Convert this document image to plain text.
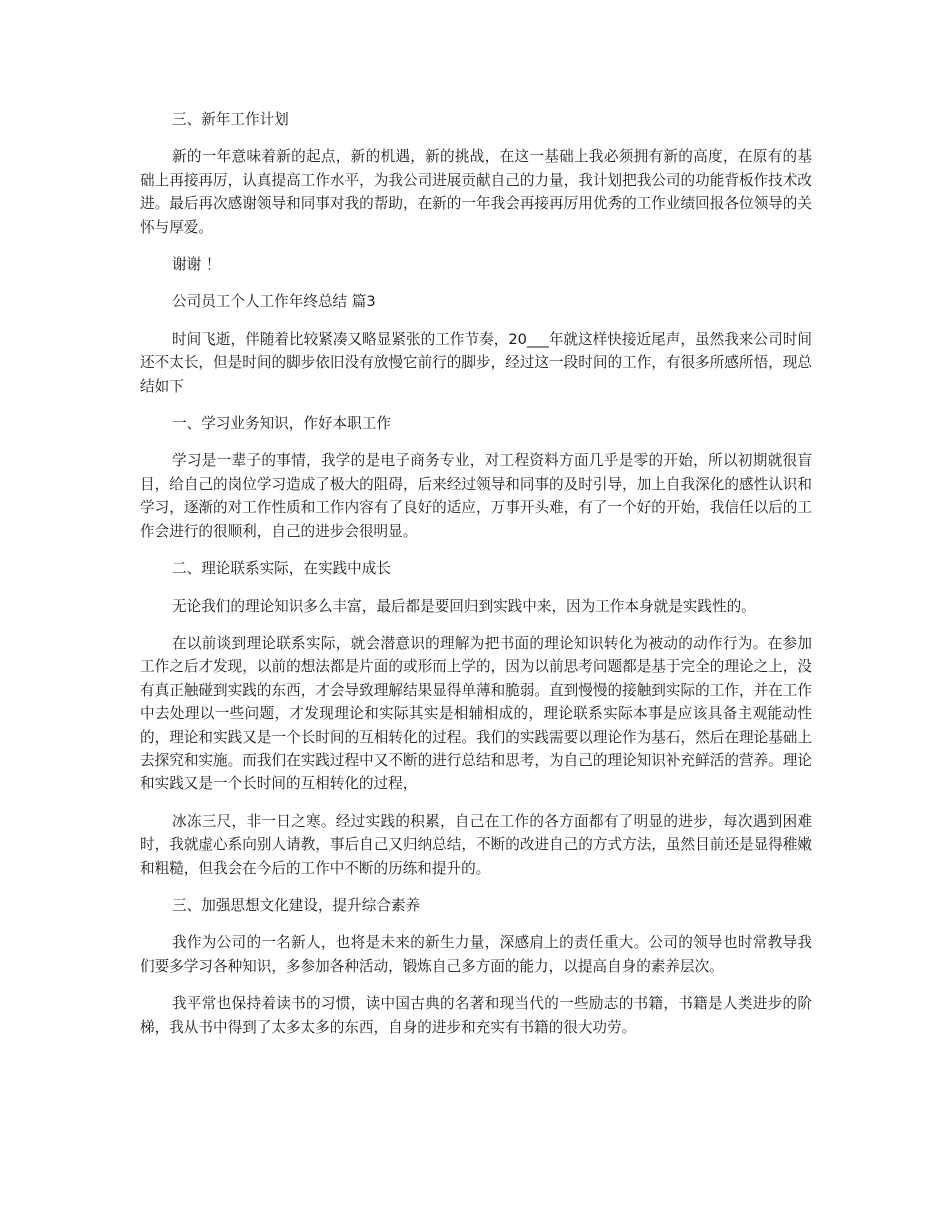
三、新年工作计划

新的一年意味着新的起点，新的机遇，新的挑战，在这一基础上我必须拥有新的高度，在原有的基础上再接再厉，认真提高工作水平，为我公司进展贡献自己的力量，我计划把我公司的功能背板作技术改进。最后再次感谢领导和同事对我的帮助，在新的一年我会再接再厉用优秀的工作业绩回报各位领导的关怀与厚爱。

谢谢 ！

公司员工个人工作年终总结 篇3

时间飞逝，伴随着比较紧凑又略显紧张的工作节奏，20___年就这样快接近尾声，虽然我来公司时间还不太长，但是时间的脚步依旧没有放慢它前行的脚步，经过这一段时间的工作，有很多所感所悟，现总结如下

一、学习业务知识，作好本职工作

学习是一辈子的事情，我学的是电子商务专业，对工程资料方面几乎是零的开始，所以初期就很盲目，给自己的岗位学习造成了极大的阻碍，后来经过领导和同事的及时引导，加上自我深化的感性认识和学习，逐渐的对工作性质和工作内容有了良好的适应，万事开头难，有了一个好的开始，我信任以后的工作会进行的很顺利，自己的进步会很明显。

二、理论联系实际，在实践中成长

无论我们的理论知识多么丰富，最后都是要回归到实践中来，因为工作本身就是实践性的。

在以前谈到理论联系实际，就会潜意识的理解为把书面的理论知识转化为被动的动作行为。在参加工作之后才发现，以前的想法都是片面的或形而上学的，因为以前思考问题都是基于完全的理论之上，没有真正触碰到实践的东西，才会导致理解结果显得单薄和脆弱。直到慢慢的接触到实际的工作，并在工作中去处理以一些问题，才发现理论和实际其实是相辅相成的，理论联系实际本事是应该具备主观能动性的，理论和实践又是一个长时间的互相转化的过程。我们的实践需要以理论作为基石，然后在理论基础上去探究和实施。而我们在实践过程中又不断的进行总结和思考，为自己的理论知识补充鲜活的营养。理论和实践又是一个长时间的互相转化的过程，

冰冻三尺，非一日之寒。经过实践的积累，自己在工作的各方面都有了明显的进步，每次遇到困难时，我就虚心系向别人请教，事后自己又归纳总结，不断的改进自己的方式方法，虽然目前还是显得稚嫩和粗糙，但我会在今后的工作中不断的历练和提升的。

三、加强思想文化建设，提升综合素养

我作为公司的一名新人，也将是未来的新生力量，深感肩上的责任重大。公司的领导也时常教导我们要多学习各种知识，多参加各种活动，锻炼自己多方面的能力，以提高自身的素养层次。

我平常也保持着读书的习惯，读中国古典的名著和现当代的一些励志的书籍，书籍是人类进步的阶梯，我从书中得到了太多太多的东西，自身的进步和充实有书籍的很大功劳。
